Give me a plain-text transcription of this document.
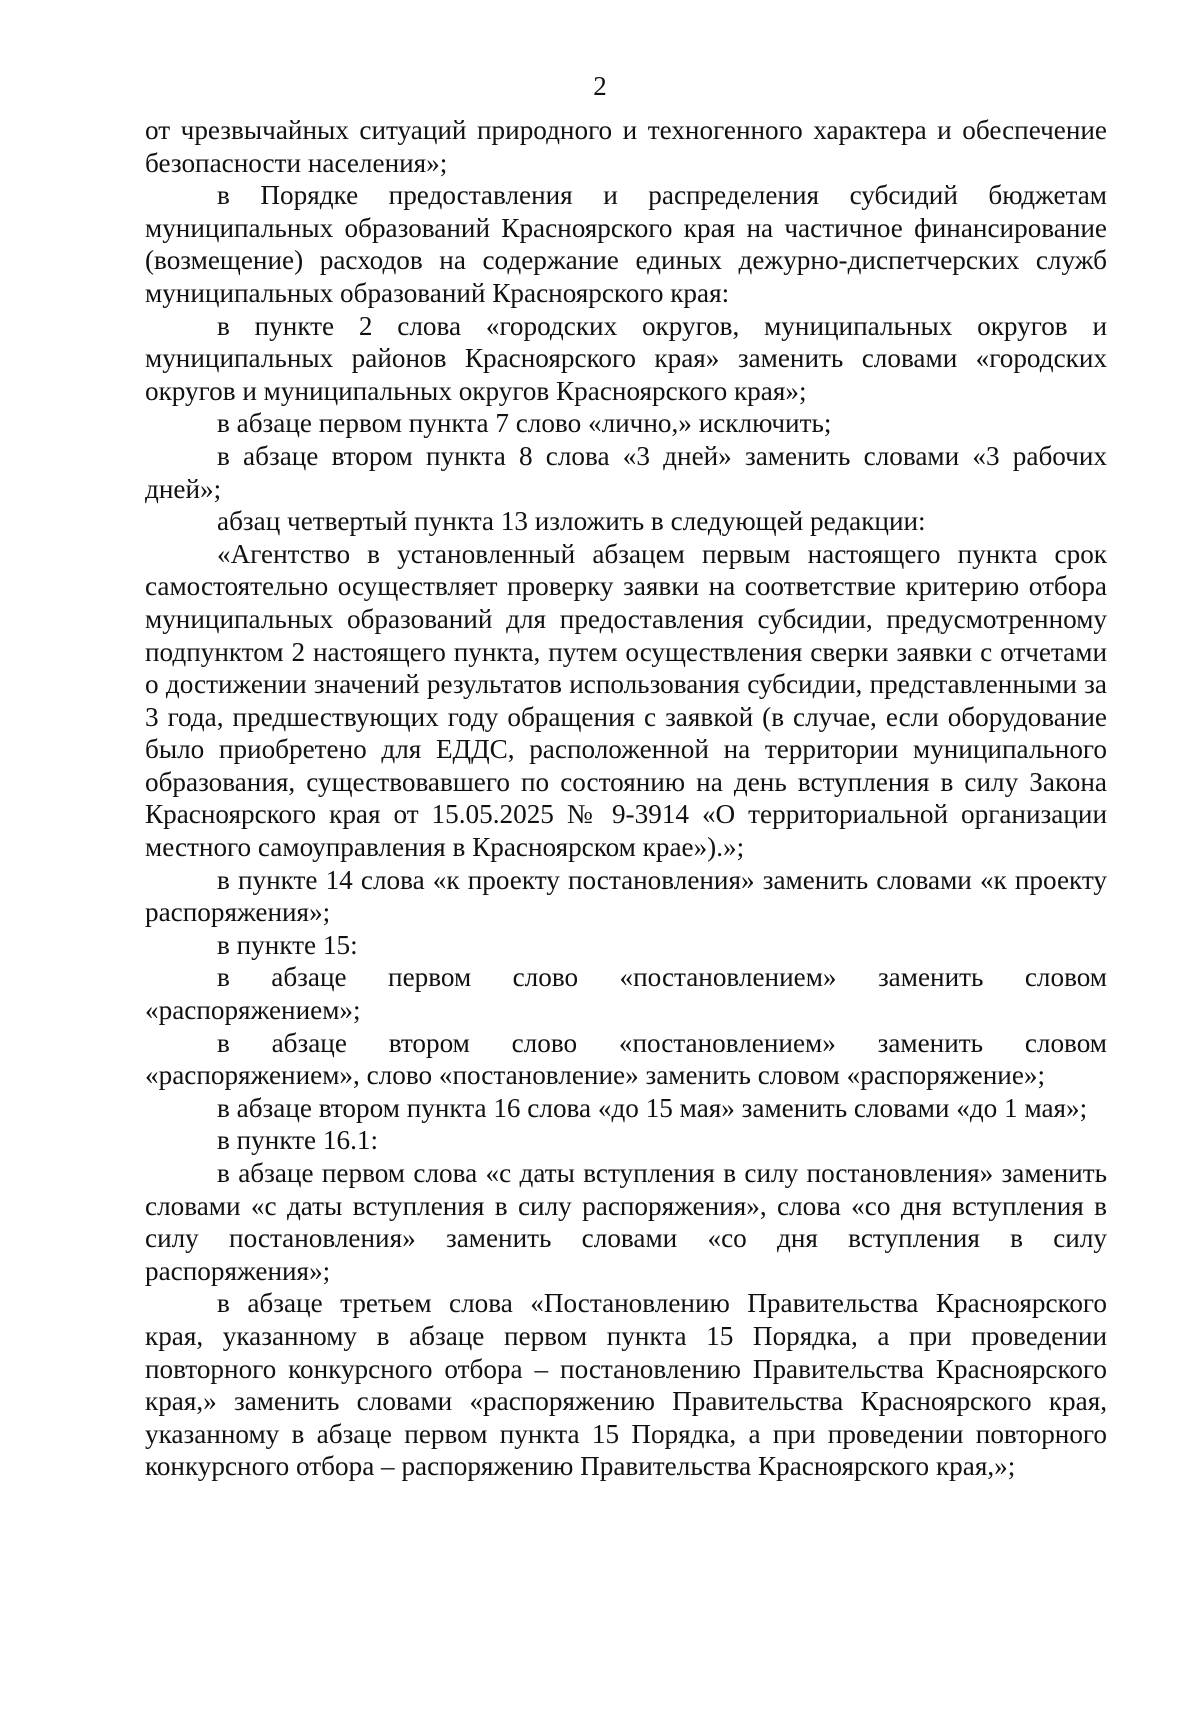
2

от чрезвычайных ситуаций природного и техногенного характера и обеспечение безопасности населения»;

в Порядке предоставления и распределения субсидий бюджетам муниципальных образований Красноярского края на частичное финансирование (возмещение) расходов на содержание единых дежурно-диспетчерских служб муниципальных образований Красноярского края:

в пункте 2 слова «городских округов, муниципальных округов и муниципальных районов Красноярского края» заменить словами «городских округов и муниципальных округов Красноярского края»;

в абзаце первом пункта 7 слово «лично,» исключить;

в абзаце втором пункта 8 слова «3 дней» заменить словами «3 рабочих дней»;

абзац четвертый пункта 13 изложить в следующей редакции:

«Агентство в установленный абзацем первым настоящего пункта срок самостоятельно осуществляет проверку заявки на соответствие критерию отбора муниципальных образований для предоставления субсидии, предусмотренному подпунктом 2 настоящего пункта, путем осуществления сверки заявки с отчетами о достижении значений результатов использования субсидии, представленными за 3 года, предшествующих году обращения с заявкой (в случае, если оборудование было приобретено для ЕДДС, расположенной на территории муниципального образования, существовавшего по состоянию на день вступления в силу Закона Красноярского края от 15.05.2025 № 9-3914 «О территориальной организации местного самоуправления в Красноярском крае»).»;

в пункте 14 слова «к проекту постановления» заменить словами «к проекту распоряжения»;

в пункте 15:

в абзаце первом слово «постановлением» заменить словом «распоряжением»;

в абзаце втором слово «постановлением» заменить словом «распоряжением», слово «постановление» заменить словом «распоряжение»;

в абзаце втором пункта 16 слова «до 15 мая» заменить словами «до 1 мая»;

в пункте 16.1:

в абзаце первом слова «с даты вступления в силу постановления» заменить словами «с даты вступления в силу распоряжения», слова «со дня вступления в силу постановления» заменить словами «со дня вступления в силу распоряжения»;

в абзаце третьем слова «Постановлению Правительства Красноярского края, указанному в абзаце первом пункта 15 Порядка, а при проведении повторного конкурсного отбора – постановлению Правительства Красноярского края,» заменить словами «распоряжению Правительства Красноярского края, указанному в абзаце первом пункта 15 Порядка, а при проведении повторного конкурсного отбора – распоряжению Правительства Красноярского края,»;
